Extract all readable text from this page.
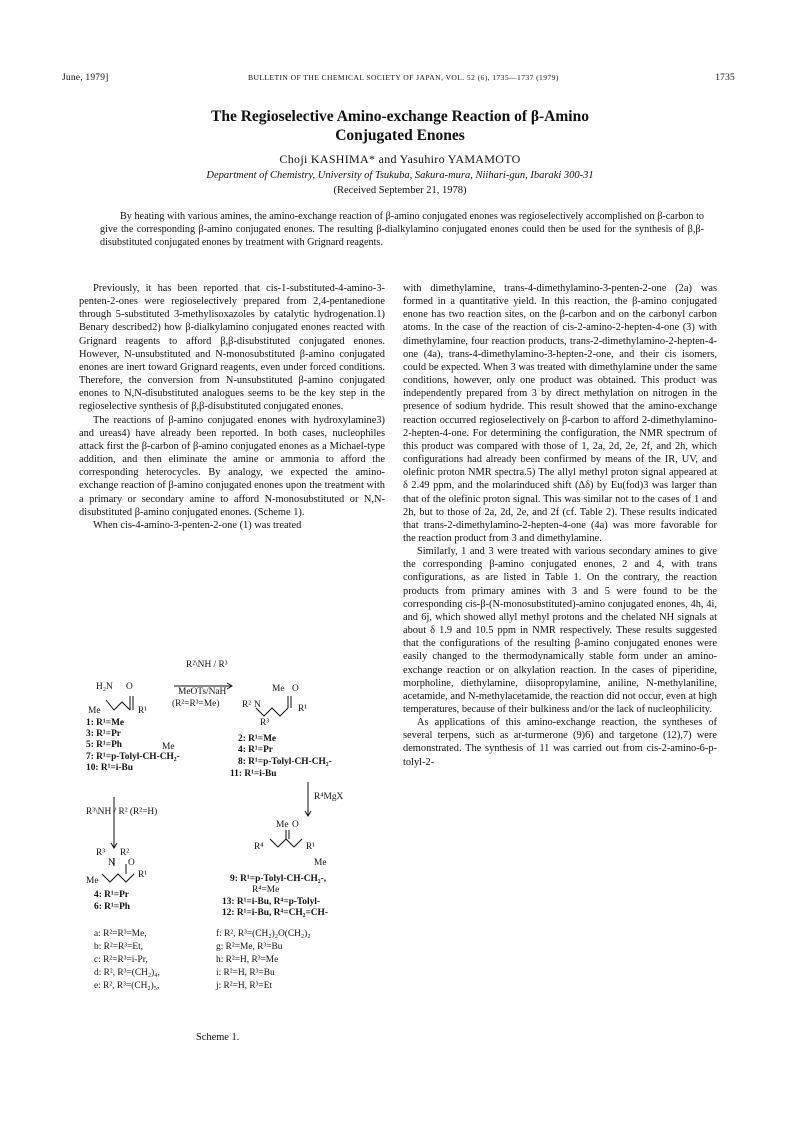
June, 1979]	BULLETIN OF THE CHEMICAL SOCIETY OF JAPAN, VOL. 52 (6), 1735—1737 (1979)	1735
The Regioselective Amino-exchange Reaction of β-Amino
Conjugated Enones
Choji KASHIMA* and Yasuhiro YAMAMOTO
Department of Chemistry, University of Tsukuba, Sakura-mura, Niihari-gun, Ibaraki 300-31
(Received September 21, 1978)
By heating with various amines, the amino-exchange reaction of β-amino conjugated enones was regioselectively accomplished on β-carbon to give the corresponding β-amino conjugated enones. The resulting β-dialkylamino conjugated enones could then be used for the synthesis of β,β-disubstituted conjugated enones by treatment with Grignard reagents.

Previously, it has been reported that cis-1-substituted-4-amino-3-penten-2-ones were regioselectively prepared from 2,4-pentanedione through 5-substituted 3-methylisoxazoles by catalytic hydrogenation.1) Benary described2) how β-dialkylamino conjugated enones reacted with Grignard reagents to afford β,β-disubstituted conjugated enones. However, N-unsubstituted and N-monosubstituted β-amino conjugated enones are inert toward Grignard reagents, even under forced conditions. Therefore, the conversion from N-unsubstituted β-amino conjugated enones to N,N-disubstituted analogues seems to be the key step in the regioselective synthesis of β,β-disubstituted conjugated enones.

The reactions of β-amino conjugated enones with hydroxylamine3) and ureas4) have already been reported. In both cases, nucleophiles attack first the β-carbon of β-amino conjugated enones as a Michael-type addition, and then eliminate the amine or ammonia to afford the corresponding heterocycles. By analogy, we expected the amino-exchange reaction of β-amino conjugated enones upon the treatment with a primary or secondary amine to afford N-monosubstituted or N,N-disubstituted β-amino conjugated enones. (Scheme 1).

When cis-4-amino-3-penten-2-one (1) was treated

with dimethylamine, trans-4-dimethylamino-3-penten-2-one (2a) was formed in a quantitative yield. In this reaction, the β-amino conjugated enone has two reaction sites, on the β-carbon and on the carbonyl carbon atoms. In the case of the reaction of cis-2-amino-2-hepten-4-one (3) with dimethylamine, four reaction products, trans-2-dimethylamino-2-hepten-4-one (4a), trans-4-dimethylamino-3-hepten-2-one, and their cis isomers, could be expected. When 3 was treated with dimethylamine under the same conditions, however, only one product was obtained. This product was independently prepared from 3 by direct methylation on nitrogen in the presence of sodium hydride. This result showed that the amino-exchange reaction occurred regioselectively on β-carbon to afford 2-dimethylamino-2-hepten-4-one. For determining the configuration, the NMR spectrum of this product was compared with those of 1, 2a, 2d, 2e, 2f, and 2h, which configurations had already been confirmed by means of the IR, UV, and olefinic proton NMR spectra.5) The allyl methyl proton signal appeared at δ 2.49 ppm, and the molarinduced shift (Δδ) by Eu(fod)3 was larger than that of the olefinic proton signal. This was similar not to the cases of 1 and 2h, but to those of 2a, 2d, 2e, and 2f (cf. Table 2). These results indicated that trans-2-dimethylamino-2-hepten-4-one (4a) was more favorable for the reaction product from 3 and dimethylamine.

Similarly, 1 and 3 were treated with various secondary amines to give the corresponding β-amino conjugated enones, 2 and 4, with trans configurations, as are listed in Table 1. On the contrary, the reaction products from primary amines with 3 and 5 were found to be the corresponding cis-β-(N-monosubstituted)-amino conjugated enones, 4h, 4i, and 6j, which showed allyl methyl protons and the chelated NH signals at about δ 1.9 and 10.5 ppm in NMR respectively. These results suggested that the configurations of the resulting β-amino conjugated enones were easily changed to the thermodynamically stable form under an amino-exchange reaction or on alkylation reaction. In the cases of piperidine, morpholine, diethylamine, diisopropylamine, aniline, N-methylaniline, acetamide, and N-methylacetamide, the reaction did not occur, even at high temperatures, because of their bulkiness and/or the lack of nucleophilicity.

As applications of this amino-exchange reaction, the syntheses of several terpens, such as ar-turmerone (9)6) and targetone (12),7) were demonstrated. The synthesis of 11 was carried out from cis-2-amino-6-p-tolyl-2-

R²\NH / R³
MeOTs/NaH
(R²=R³=Me)
H₂N O
Me	R¹
1: R¹=Me
3: R¹=Pr
5: R¹=Ph	Me
7: R¹=p-Tolyl-CH-CH₂-
10: R¹=i-Bu
Me O
R² N	R¹
R³
2: R¹=Me
4: R¹=Pr
8: R¹=p-Tolyl-CH-CH₂-
11: R¹=i-Bu
R³\NH / R² (R²=H)
R⁴MgX
R³ R²
N O
Me
R¹
4: R¹=Pr
6: R¹=Ph
Me O
R⁴	R¹
Me
9: R¹=p-Tolyl-CH-CH₂-,
R⁴=Me
13: R¹=i-Bu, R⁴=p-Tolyl-
12: R¹=i-Bu, R⁴=CH₂=CH-
a: R²=R³=Me,
b: R²=R³=Et,
c: R²=R³=i-Pr,
d: R², R³=(CH₂)₄,
e: R², R³=(CH₂)₅,
f: R², R³=(CH₂)₂O(CH₂)₂
g: R²=Me, R³=Bu
h: R²=H, R³=Me
i: R²=H, R³=Bu
j: R²=H, R³=Et
Scheme 1.
